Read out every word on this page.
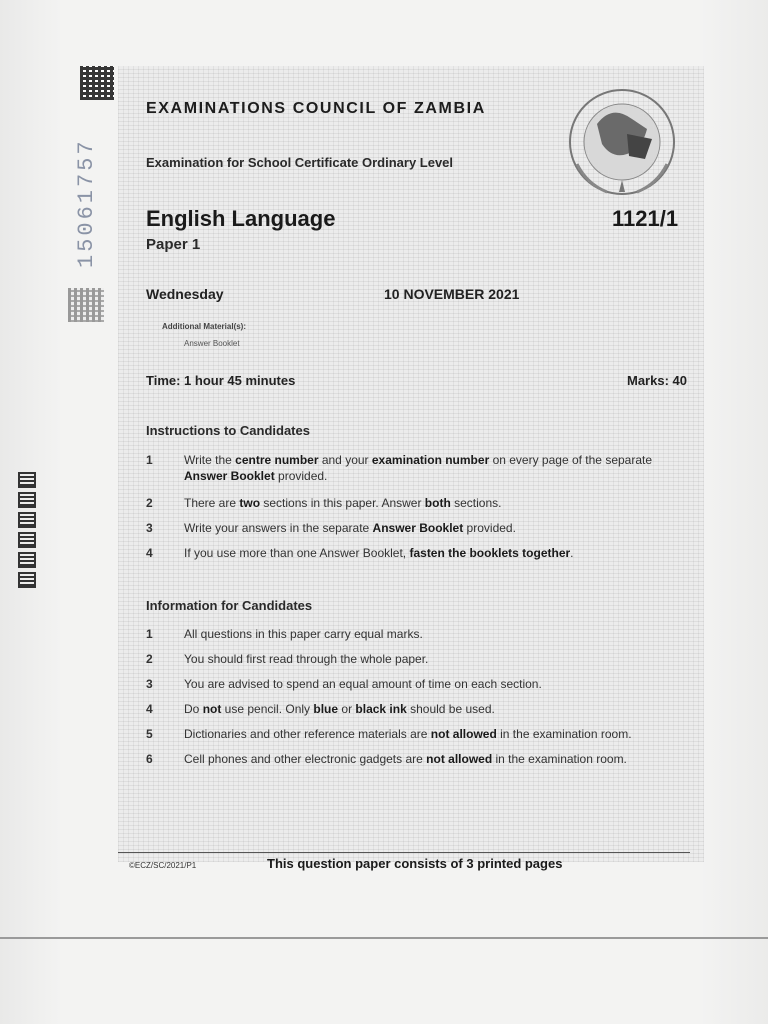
15061757
EXAMINATIONS COUNCIL OF ZAMBIA
Examination for School Certificate Ordinary Level
English Language	1121/1
Paper 1
Wednesday	10 NOVEMBER 2021
Additional Material(s):
Answer Booklet
Time: 1 hour 45 minutes	Marks: 40
Instructions to Candidates
1	Write the centre number and your examination number on every page of the separate Answer Booklet provided.
2	There are two sections in this paper. Answer both sections.
3	Write your answers in the separate Answer Booklet provided.
4	If you use more than one Answer Booklet, fasten the booklets together.
Information for Candidates
1	All questions in this paper carry equal marks.
2	You should first read through the whole paper.
3	You are advised to spend an equal amount of time on each section.
4	Do not use pencil. Only blue or black ink should be used.
5	Dictionaries and other reference materials are not allowed in the examination room.
6	Cell phones and other electronic gadgets are not allowed in the examination room.
©ECZ/SC/2021/P1	This question paper consists of 3 printed pages
